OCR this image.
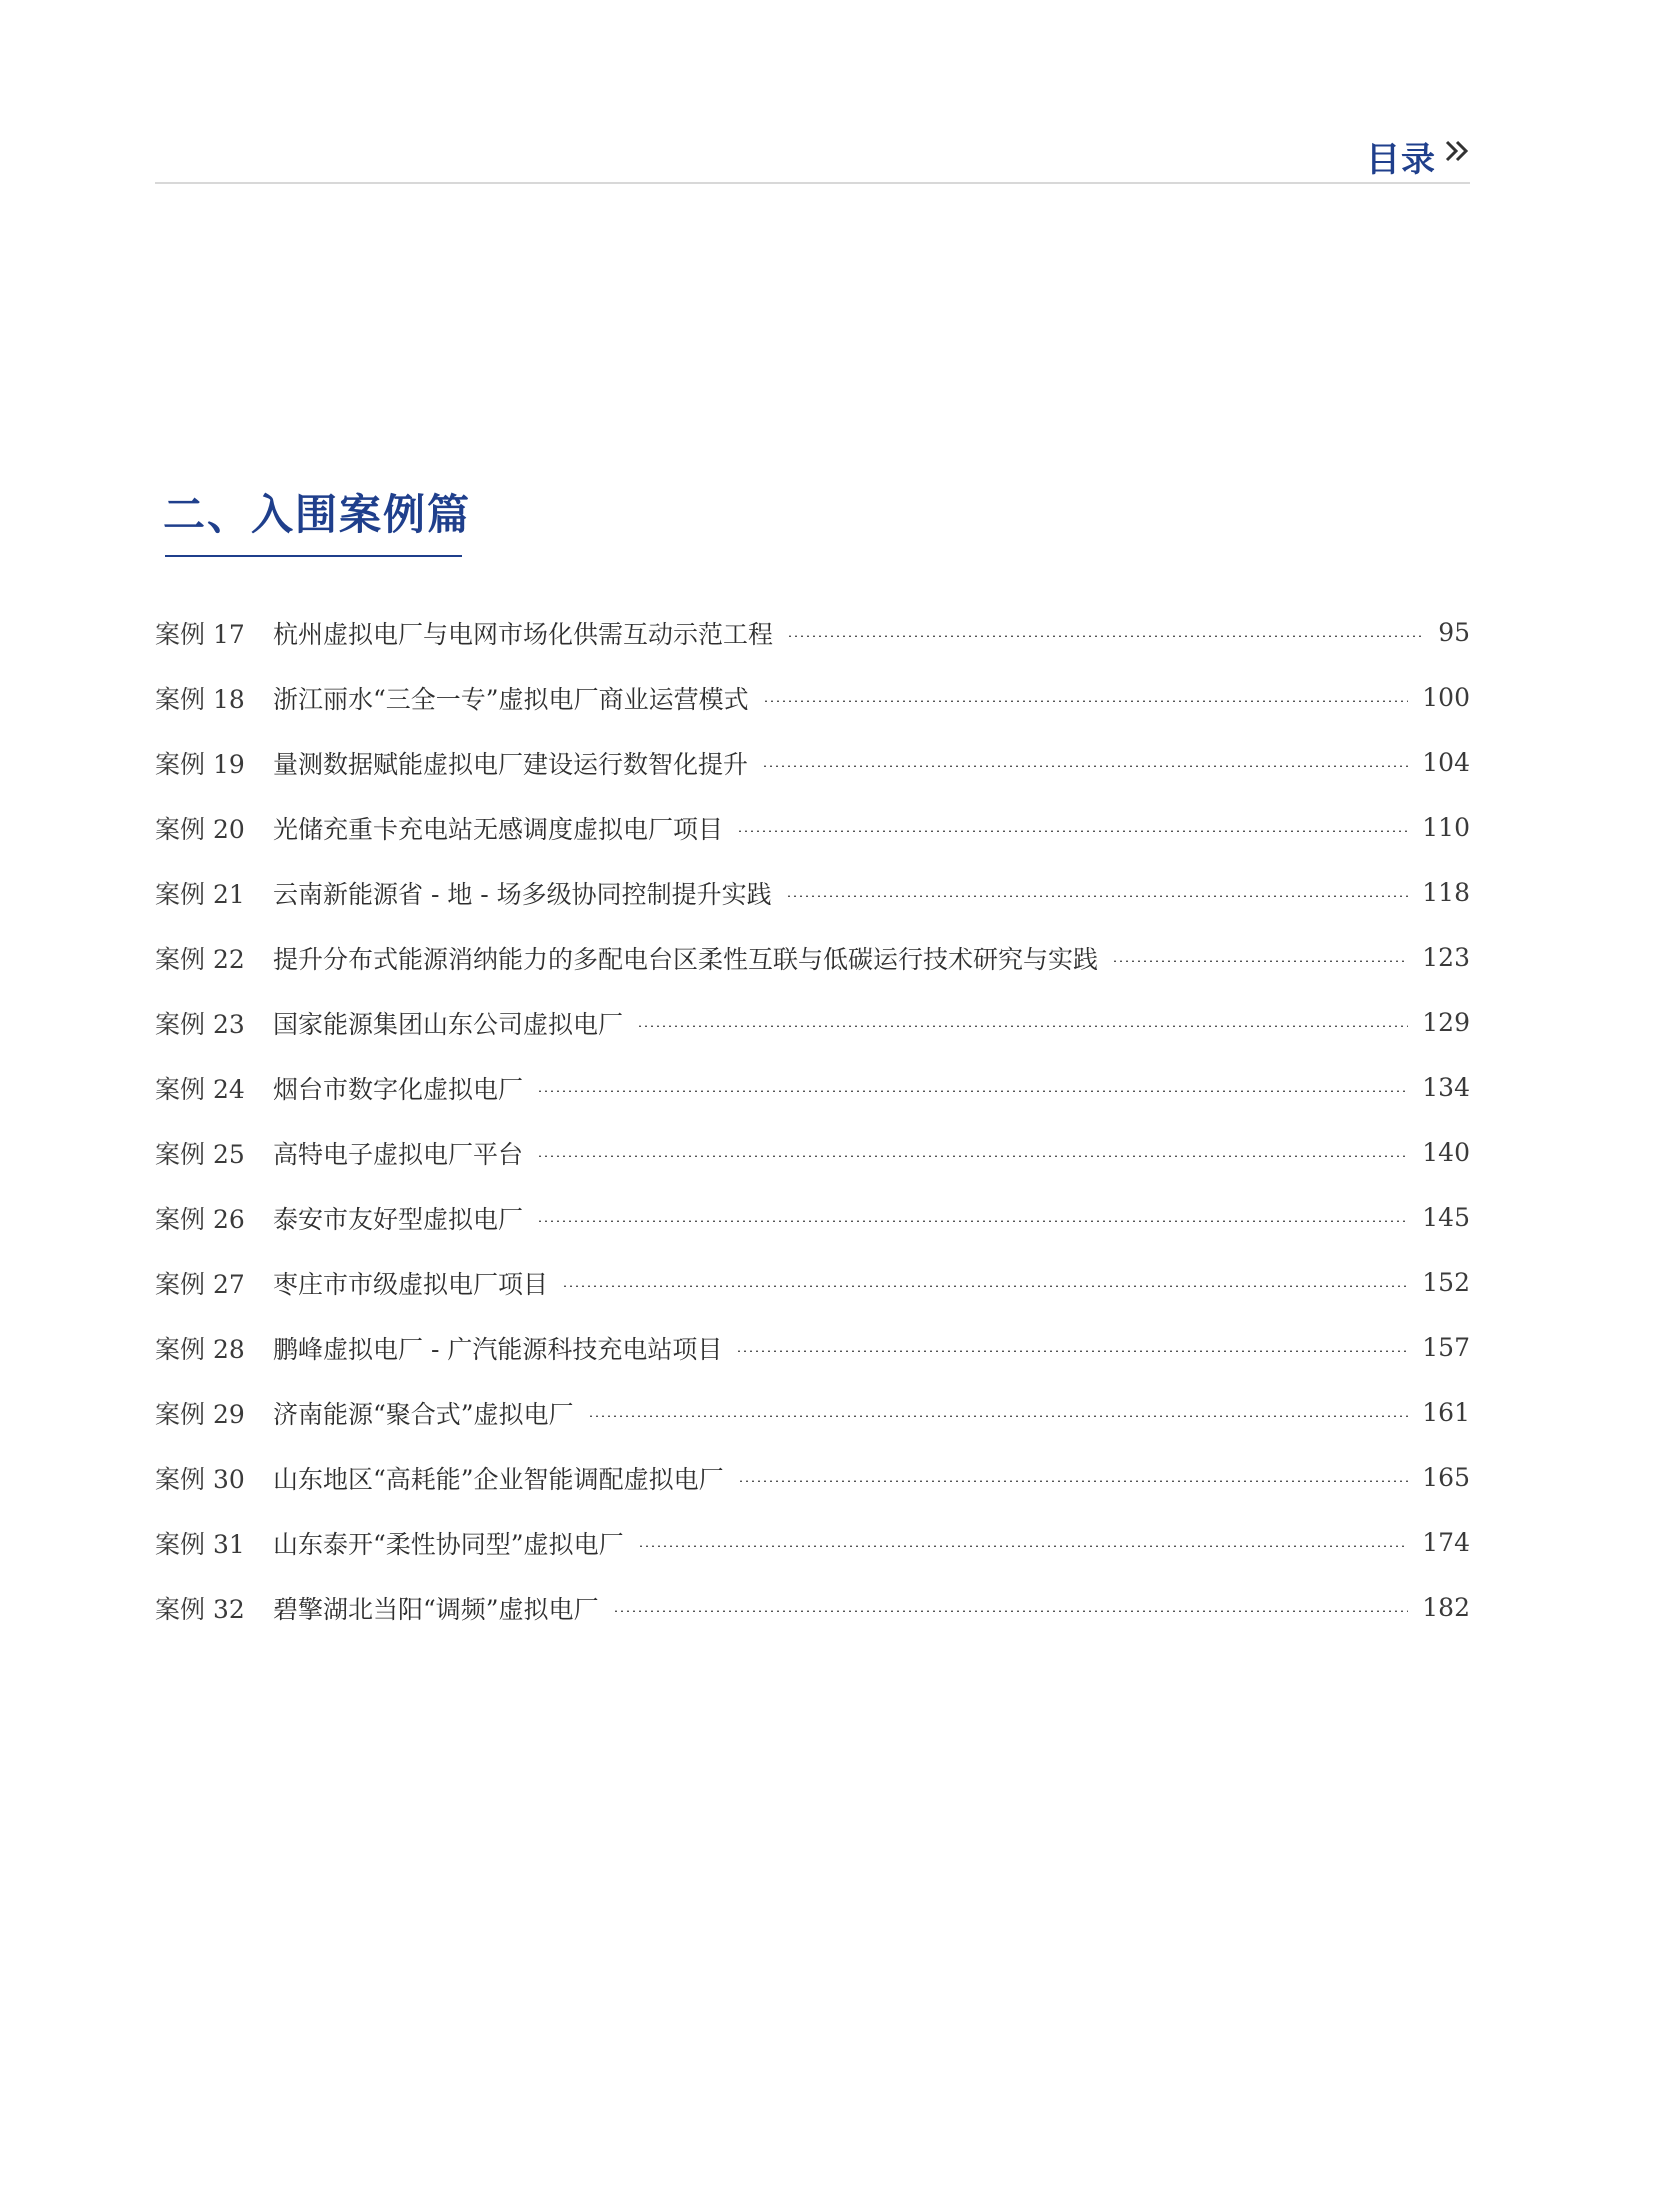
目录
二、入围案例篇
案例 17	杭州虚拟电厂与电网市场化供需互动示范工程	95
案例 18	浙江丽水“三全一专”虚拟电厂商业运营模式	100
案例 19	量测数据赋能虚拟电厂建设运行数智化提升	104
案例 20	光储充重卡充电站无感调度虚拟电厂项目	110
案例 21	云南新能源省 - 地 - 场多级协同控制提升实践	118
案例 22	提升分布式能源消纳能力的多配电台区柔性互联与低碳运行技术研究与实践	123
案例 23	国家能源集团山东公司虚拟电厂	129
案例 24	烟台市数字化虚拟电厂	134
案例 25	高特电子虚拟电厂平台	140
案例 26	泰安市友好型虚拟电厂	145
案例 27	枣庄市市级虚拟电厂项目	152
案例 28	鹏峰虚拟电厂 - 广汽能源科技充电站项目	157
案例 29	济南能源“聚合式”虚拟电厂	161
案例 30	山东地区“高耗能”企业智能调配虚拟电厂	165
案例 31	山东泰开“柔性协同型”虚拟电厂	174
案例 32	碧擎湖北当阳“调频”虚拟电厂	182
